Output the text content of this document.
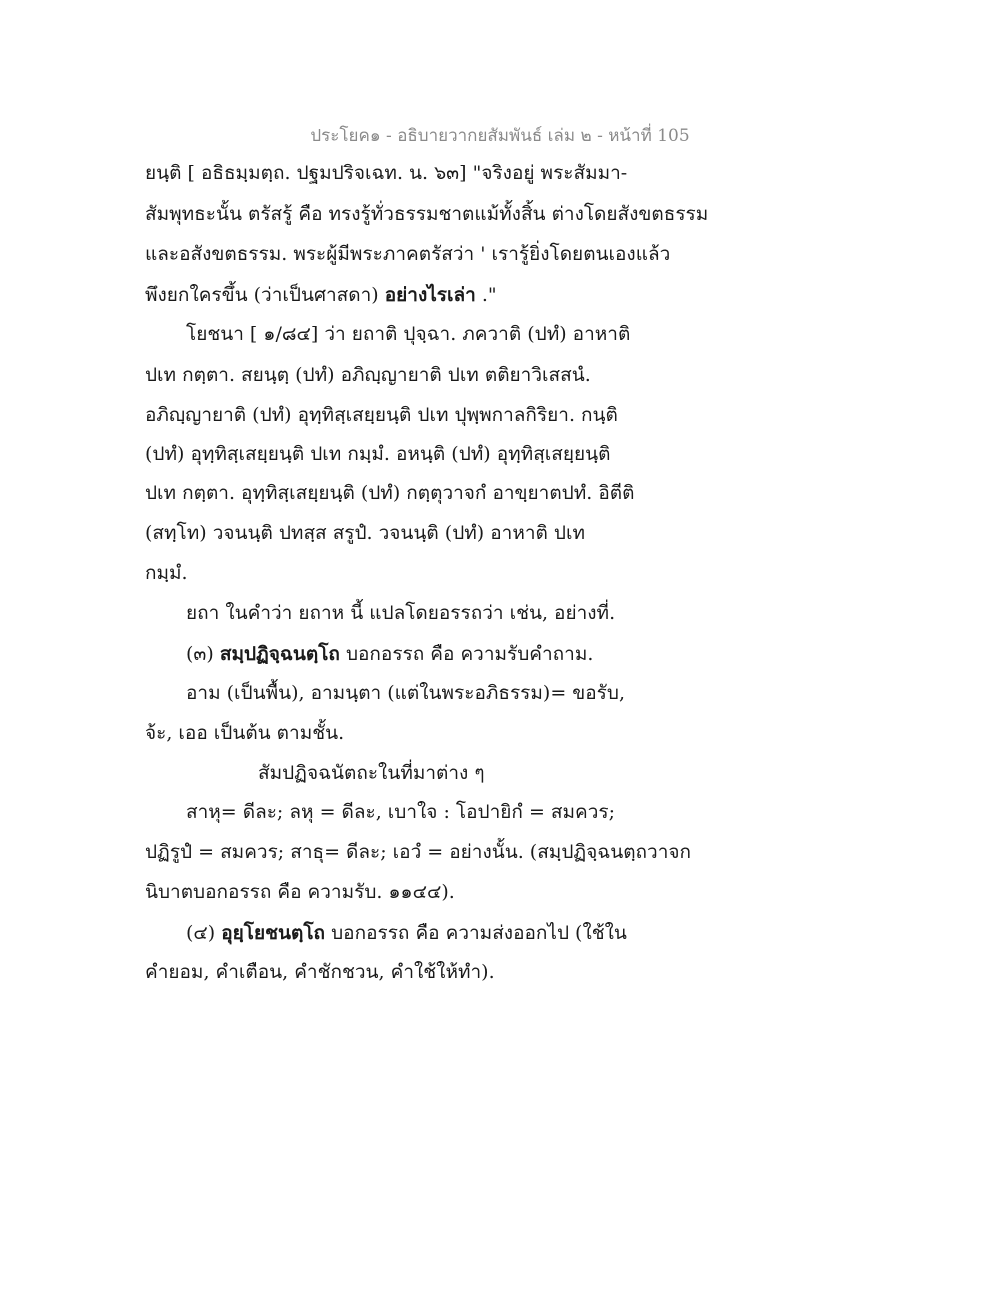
ประโยค๑ - อธิบายวากยสัมพันธ์ เล่ม ๒ - หน้าที่ 105
ยนฺติ [ อธิธมฺมตฺถ. ปฐมปริจเฉท. น. ๖๓] "จริงอยู่ พระสัมมา-
สัมพุทธะนั้น ตรัสรู้ คือ ทรงรู้ทั่วธรรมชาตแม้ทั้งสิ้น ต่างโดยสังขตธรรม
และอสังขตธรรม. พระผู้มีพระภาคตรัสว่า ' เรารู้ยิ่งโดยตนเองแล้ว
พึงยกใครขึ้น (ว่าเป็นศาสดา) อย่างไรเล่า ."
โยชนา [ ๑/๘๔] ว่า ยถาติ ปุจฺฉา. ภควาติ (ปทํ) อาหาติ
ปเท กตฺตา. สยนฺตฺ (ปทํ) อภิญฺญายาติ ปเท ตติยาวิเสสนํ.
อภิญฺญายาติ (ปทํ) อุทฺทิสฺเสยฺยนฺติ ปเท ปุพฺพกาลกิริยา. กนฺติ
(ปทํ) อุทฺทิสฺเสยฺยนฺติ ปเท กมฺมํ. อหนฺติ (ปทํ) อุทฺทิสฺเสยฺยนฺติ
ปเท กตฺตา. อุทฺทิสฺเสยฺยนฺติ (ปทํ) กตฺตุวาจกํ อาขฺยาตปทํ. อิตีติ
(สทฺโท) วจนนฺติ ปทสฺส สรูปํ. วจนนฺติ (ปทํ) อาหาติ ปเท
กมฺมํ.
ยถา ในคำว่า ยถาห นี้ แปลโดยอรรถว่า เช่น, อย่างที่.
(๓) สมฺปฏิจฺฉนตฺโถ บอกอรรถ คือ ความรับคำถาม.
อาม (เป็นพื้น), อามนฺตา (แต่ในพระอภิธรรม)= ขอรับ,
จ้ะ, เออ เป็นต้น ตามชั้น.
สัมปฏิจฉนัตถะในที่มาต่าง ๆ
สาหุ= ดีละ; ลหุ = ดีละ, เบาใจ : โอปายิกํ = สมควร;
ปฏิรูปํ = สมควร; สาธุ= ดีละ; เอวํ = อย่างนั้น. (สมฺปฏิจฺฉนตฺถวาจก
นิบาตบอกอรรถ คือ ความรับ. ๑๑๔๔).
(๔) อุยฺโยชนตฺโถ บอกอรรถ คือ ความส่งออกไป (ใช้ใน
คำยอม, คำเตือน, คำชักชวน, คำใช้ให้ทำ).
